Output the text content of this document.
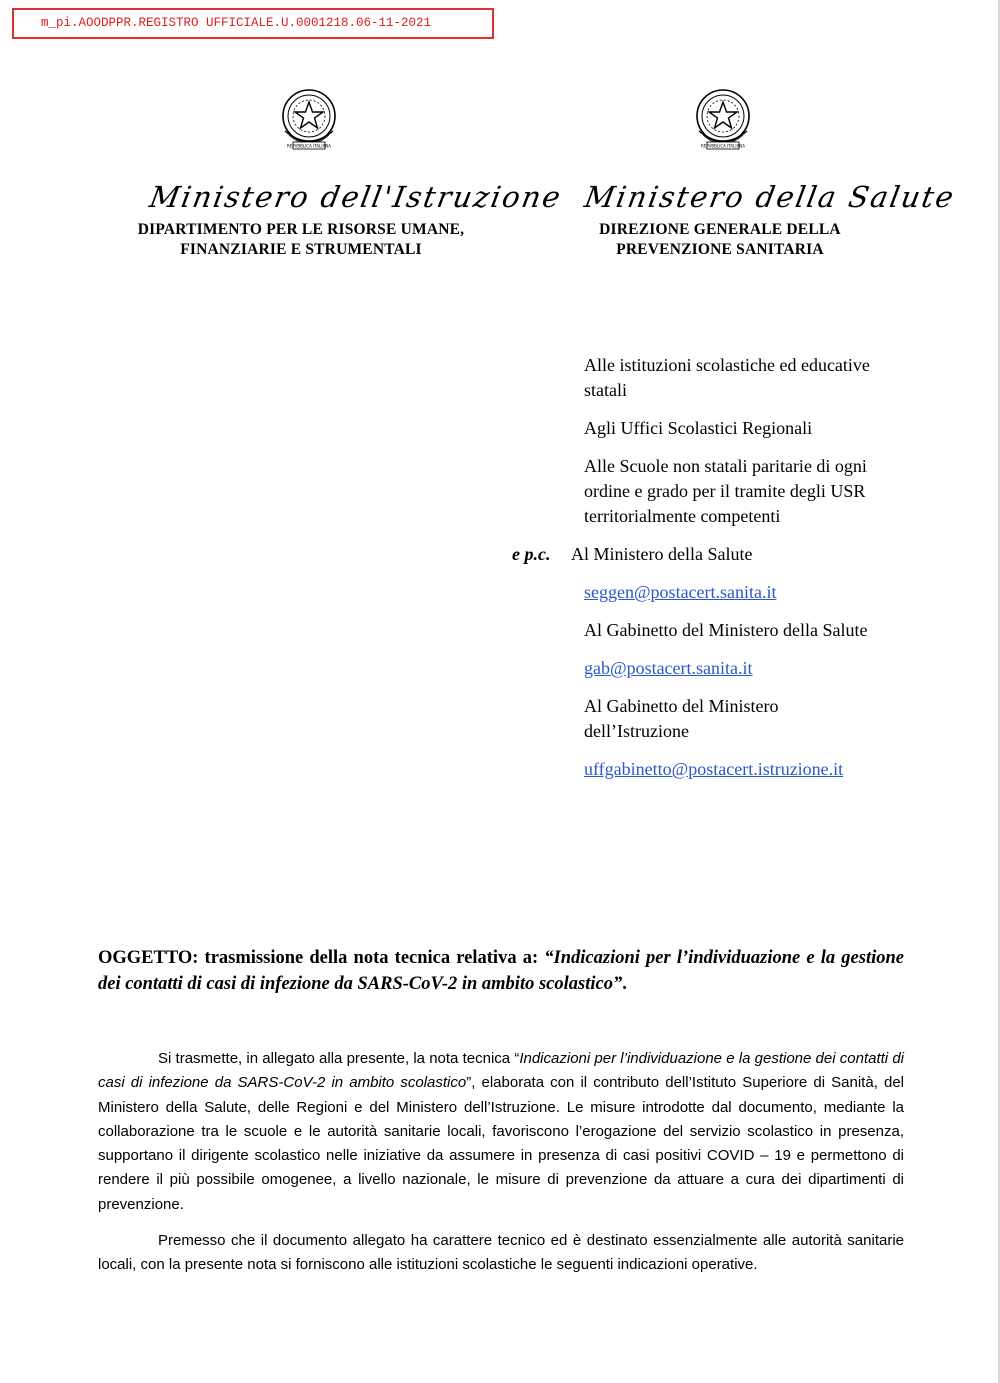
m_pi.AOODPPR.REGISTRO UFFICIALE.U.0001218.06-11-2021
REPVBBLICA ITALIANA	REPVBBLICA ITALIANA
Ministero dell'Istruzione Ministero della Salute
DIPARTIMENTO PER LE RISORSE UMANE,
FINANZIARIE E STRUMENTALI
DIREZIONE GENERALE DELLA
PREVENZIONE SANITARIA

Alle istituzioni scolastiche ed educative
statali

Agli Uffici Scolastici Regionali

Alle Scuole non statali paritarie di ogni
ordine e grado per il tramite degli USR
territorialmente competenti

e p.c. Al Ministero della Salute

seggen@postacert.sanita.it

Al Gabinetto del Ministero della Salute

gab@postacert.sanita.it

Al Gabinetto del Ministero
dell’Istruzione

uffgabinetto@postacert.istruzione.it

OGGETTO: trasmissione della nota tecnica relativa a: “Indicazioni per l’individuazione e la gestione dei contatti di casi di infezione da SARS-CoV-2 in ambito scolastico”.

Si trasmette, in allegato alla presente, la nota tecnica “Indicazioni per l’individuazione e la gestione dei contatti di casi di infezione da SARS-CoV-2 in ambito scolastico”, elaborata con il contributo dell’Istituto Superiore di Sanità, del Ministero della Salute, delle Regioni e del Ministero dell’Istruzione. Le misure introdotte dal documento, mediante la collaborazione tra le scuole e le autorità sanitarie locali, favoriscono l’erogazione del servizio scolastico in presenza, supportano il dirigente scolastico nelle iniziative da assumere in presenza di casi positivi COVID – 19 e permettono di rendere il più possibile omogenee, a livello nazionale, le misure di prevenzione da attuare a cura dei dipartimenti di prevenzione.

Premesso che il documento allegato ha carattere tecnico ed è destinato essenzialmente alle autorità sanitarie locali, con la presente nota si forniscono alle istituzioni scolastiche le seguenti indicazioni operative.
